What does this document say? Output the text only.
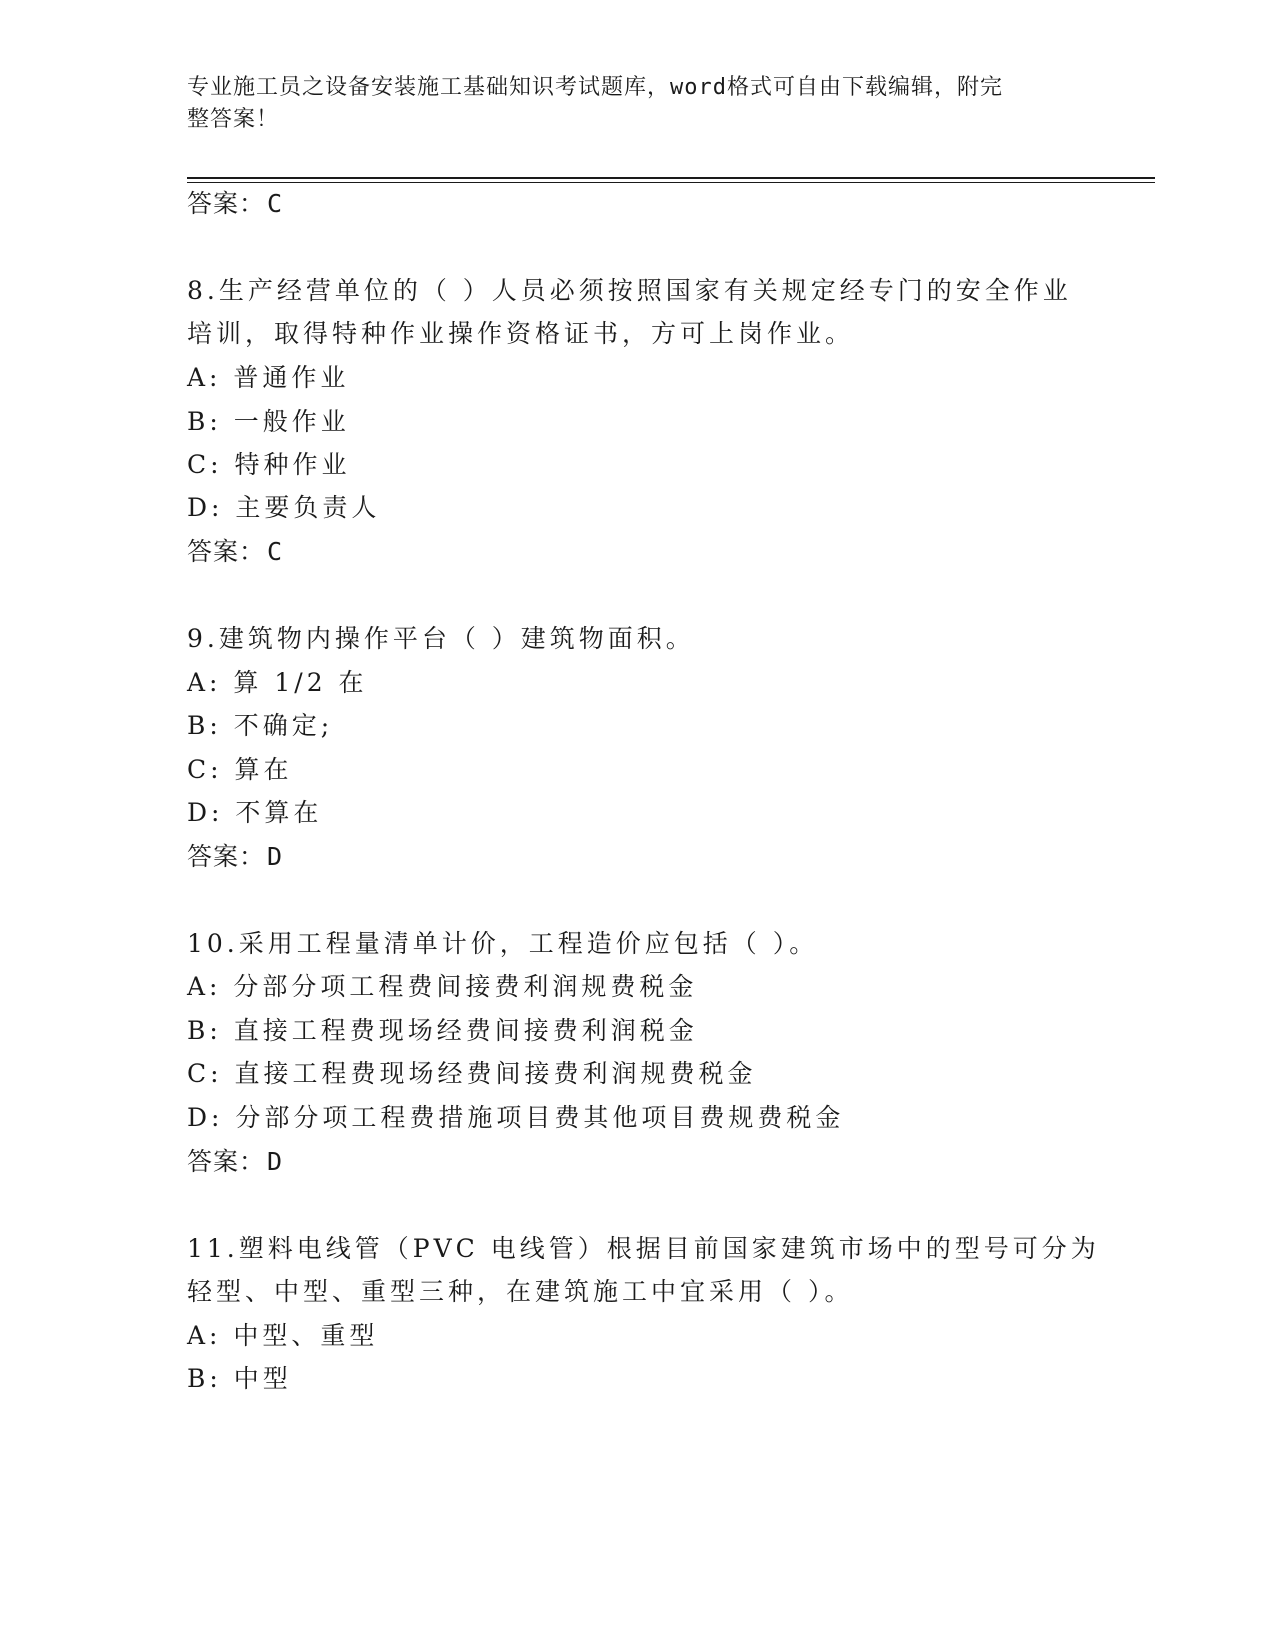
专业施工员之设备安装施工基础知识考试题库，word格式可自由下载编辑，附完
整答案！
答案：C
8.生产经营单位的（ ）人员必须按照国家有关规定经专门的安全作业
培训，取得特种作业操作资格证书，方可上岗作业。
A: 普通作业
B: 一般作业
C: 特种作业
D: 主要负责人
答案：C
9.建筑物内操作平台（ ）建筑物面积。
A: 算 1/2 在
B: 不确定;
C: 算在
D: 不算在
答案：D
10.采用工程量清单计价，工程造价应包括（ ）。
A: 分部分项工程费间接费利润规费税金
B: 直接工程费现场经费间接费利润税金
C: 直接工程费现场经费间接费利润规费税金
D: 分部分项工程费措施项目费其他项目费规费税金
答案：D
11.塑料电线管（PVC 电线管）根据目前国家建筑市场中的型号可分为
轻型、中型、重型三种，在建筑施工中宜采用（ ）。
A: 中型、重型
B: 中型
